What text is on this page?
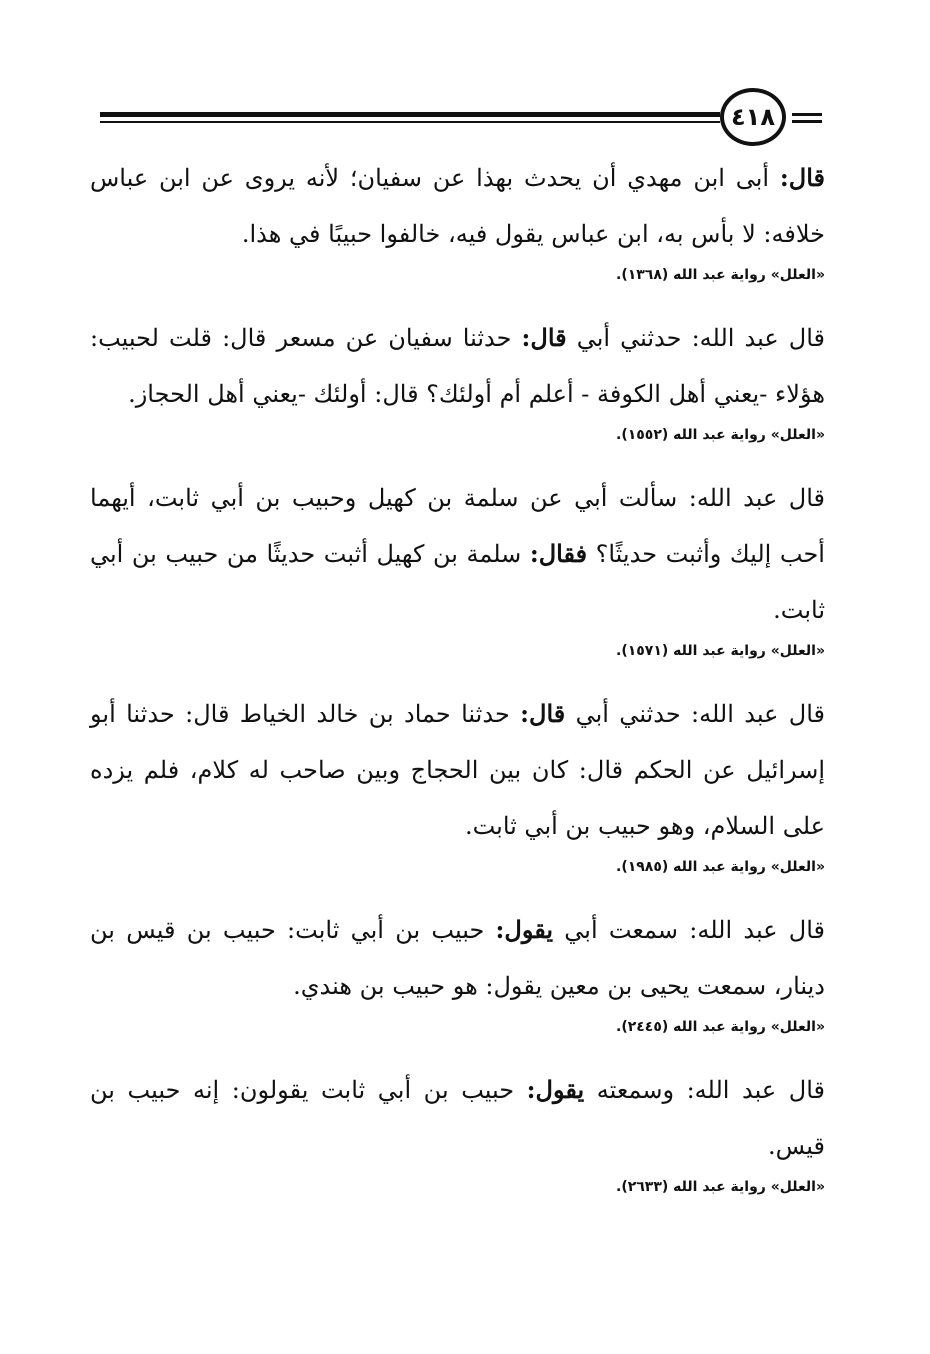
٤١٨

قال: أبى ابن مهدي أن يحدث بهذا عن سفيان؛ لأنه يروى عن ابن عباس خلافه: لا بأس به، ابن عباس يقول فيه، خالفوا حبيبًا في هذا.

«العلل» رواية عبد الله (١٣٦٨).

قال عبد الله: حدثني أبي قال: حدثنا سفيان عن مسعر قال: قلت لحبيب: هؤلاء -يعني أهل الكوفة - أعلم أم أولئك؟ قال: أولئك -يعني أهل الحجاز.

«العلل» رواية عبد الله (١٥٥٢).

قال عبد الله: سألت أبي عن سلمة بن كهيل وحبيب بن أبي ثابت، أيهما أحب إليك وأثبت حديثًا؟ فقال: سلمة بن كهيل أثبت حديثًا من حبيب بن أبي ثابت.

«العلل» رواية عبد الله (١٥٧١).

قال عبد الله: حدثني أبي قال: حدثنا حماد بن خالد الخياط قال: حدثنا أبو إسرائيل عن الحكم قال: كان بين الحجاج وبين صاحب له كلام، فلم يزده على السلام، وهو حبيب بن أبي ثابت.

«العلل» رواية عبد الله (١٩٨٥).

قال عبد الله: سمعت أبي يقول: حبيب بن أبي ثابت: حبيب بن قيس بن دينار، سمعت يحيى بن معين يقول: هو حبيب بن هندي.

«العلل» رواية عبد الله (٢٤٤٥).

قال عبد الله: وسمعته يقول: حبيب بن أبي ثابت يقولون: إنه حبيب بن قيس.

«العلل» رواية عبد الله (٢٦٣٣).
